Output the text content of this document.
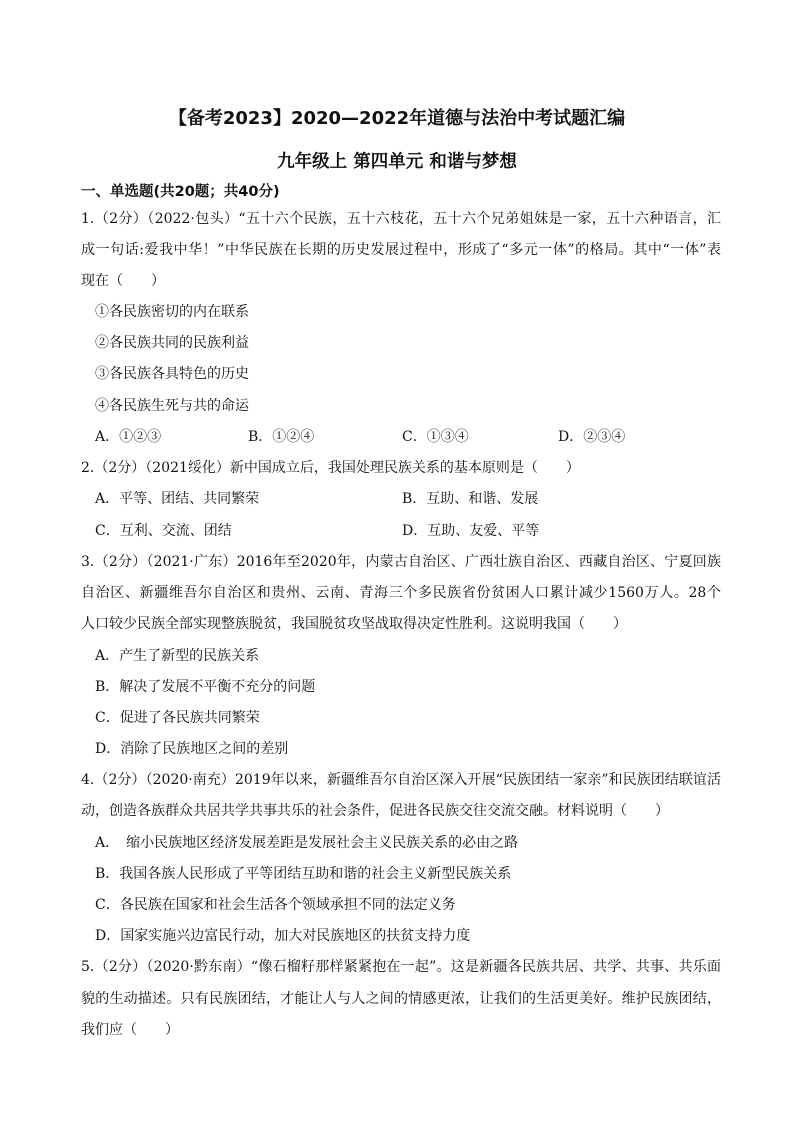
【备考2023】2020—2022年道德与法治中考试题汇编
九年级上 第四单元 和谐与梦想
一、单选题(共20题；共40分)
1.（2分）（2022·包头）“五十六个民族，五十六枝花，五十六个兄弟姐妹是一家，五十六种语言，汇
成一句话:爱我中华！”中华民族在长期的历史发展过程中，形成了“多元一体”的格局。其中“一体”表
现在（　　）
①各民族密切的内在联系
②各民族共同的民族利益
③各民族各具特色的历史
④各民族生死与共的命运
A．①②③	B．①②④	C．①③④	D．②③④
2.（2分）（2021绥化）新中国成立后，我国处理民族关系的基本原则是（　　）
A．平等、团结、共同繁荣	B．互助、和谐、发展
C．互利、交流、团结	D．互助、友爱、平等
3.（2分）（2021·广东）2016年至2020年，内蒙古自治区、广西壮族自治区、西藏自治区、宁夏回族
自治区、新疆维吾尔自治区和贵州、云南、青海三个多民族省份贫困人口累计减少1560万人。28个
人口较少民族全部实现整族脱贫，我国脱贫攻坚战取得决定性胜利。这说明我国（　　）
A．产生了新型的民族关系
B．解决了发展不平衡不充分的问题
C．促进了各民族共同繁荣
D．消除了民族地区之间的差别
4.（2分）（2020·南充）2019年以来，新疆维吾尔自治区深入开展“民族团结一家亲”和民族团结联谊活
动，创造各族群众共居共学共事共乐的社会条件，促进各民族交往交流交融。材料说明（　　）
A．　缩小民族地区经济发展差距是发展社会主义民族关系的必由之路
B．我国各族人民形成了平等团结互助和谐的社会主义新型民族关系
C．各民族在国家和社会生活各个领域承担不同的法定义务
D．国家实施兴边富民行动，加大对民族地区的扶贫支持力度
5.（2分）（2020·黔东南）“像石榴籽那样紧紧抱在一起”。这是新疆各民族共居、共学、共事、共乐面
貌的生动描述。只有民族团结，才能让人与人之间的情感更浓，让我们的生活更美好。维护民族团结，
我们应（　　）
